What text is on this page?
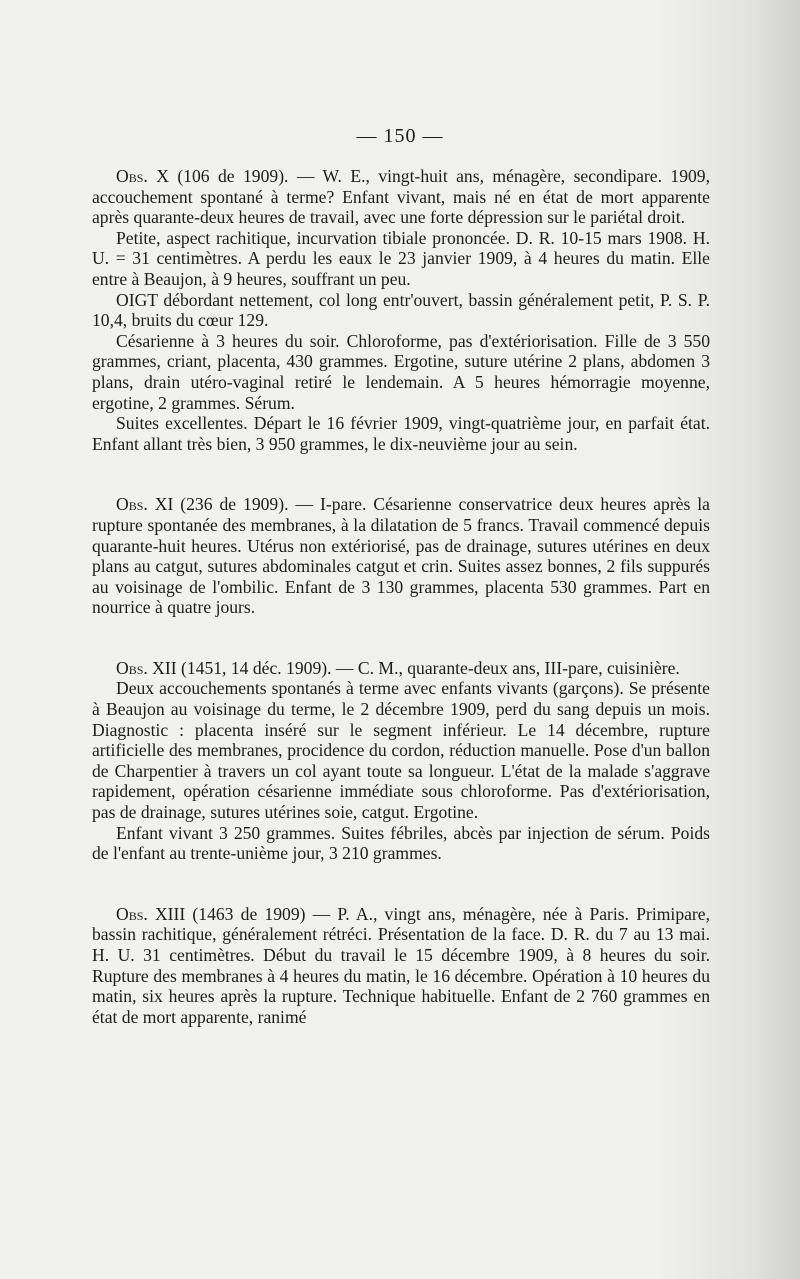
— 150 —

Obs. X (106 de 1909). — W. E., vingt-huit ans, ménagère, secondipare. 1909, accouchement spontané à terme? Enfant vivant, mais né en état de mort apparente après quarante-deux heures de travail, avec une forte dépression sur le pariétal droit.

Petite, aspect rachitique, incurvation tibiale prononcée. D. R. 10-15 mars 1908. H. U. = 31 centimètres. A perdu les eaux le 23 janvier 1909, à 4 heures du matin. Elle entre à Beaujon, à 9 heures, souffrant un peu.

OIGT débordant nettement, col long entr'ouvert, bassin généralement petit, P. S. P. 10,4, bruits du cœur 129.

Césarienne à 3 heures du soir. Chloroforme, pas d'extériorisation. Fille de 3 550 grammes, criant, placenta, 430 grammes. Ergotine, suture utérine 2 plans, abdomen 3 plans, drain utéro-vaginal retiré le lendemain. A 5 heures hémorragie moyenne, ergotine, 2 grammes. Sérum.

Suites excellentes. Départ le 16 février 1909, vingt-quatrième jour, en parfait état. Enfant allant très bien, 3 950 grammes, le dix-neuvième jour au sein.

Obs. XI (236 de 1909). — I-pare. Césarienne conservatrice deux heures après la rupture spontanée des membranes, à la dilatation de 5 francs. Travail commencé depuis quarante-huit heures. Utérus non extériorisé, pas de drainage, sutures utérines en deux plans au catgut, sutures abdominales catgut et crin. Suites assez bonnes, 2 fils suppurés au voisinage de l'ombilic. Enfant de 3 130 grammes, placenta 530 grammes. Part en nourrice à quatre jours.

Obs. XII (1451, 14 déc. 1909). — C. M., quarante-deux ans, III-pare, cuisinière.

Deux accouchements spontanés à terme avec enfants vivants (garçons). Se présente à Beaujon au voisinage du terme, le 2 décembre 1909, perd du sang depuis un mois. Diagnostic : placenta inséré sur le segment inférieur. Le 14 décembre, rupture artificielle des membranes, procidence du cordon, réduction manuelle. Pose d'un ballon de Charpentier à travers un col ayant toute sa longueur. L'état de la malade s'aggrave rapidement, opération césarienne immédiate sous chloroforme. Pas d'extériorisation, pas de drainage, sutures utérines soie, catgut. Ergotine.

Enfant vivant 3 250 grammes. Suites fébriles, abcès par injection de sérum. Poids de l'enfant au trente-unième jour, 3 210 grammes.

Obs. XIII (1463 de 1909) — P. A., vingt ans, ménagère, née à Paris. Primipare, bassin rachitique, généralement rétréci. Présentation de la face. D. R. du 7 au 13 mai. H. U. 31 centimètres. Début du travail le 15 décembre 1909, à 8 heures du soir. Rupture des membranes à 4 heures du matin, le 16 décembre. Opération à 10 heures du matin, six heures après la rupture. Technique habituelle. Enfant de 2 760 grammes en état de mort apparente, ranimé
